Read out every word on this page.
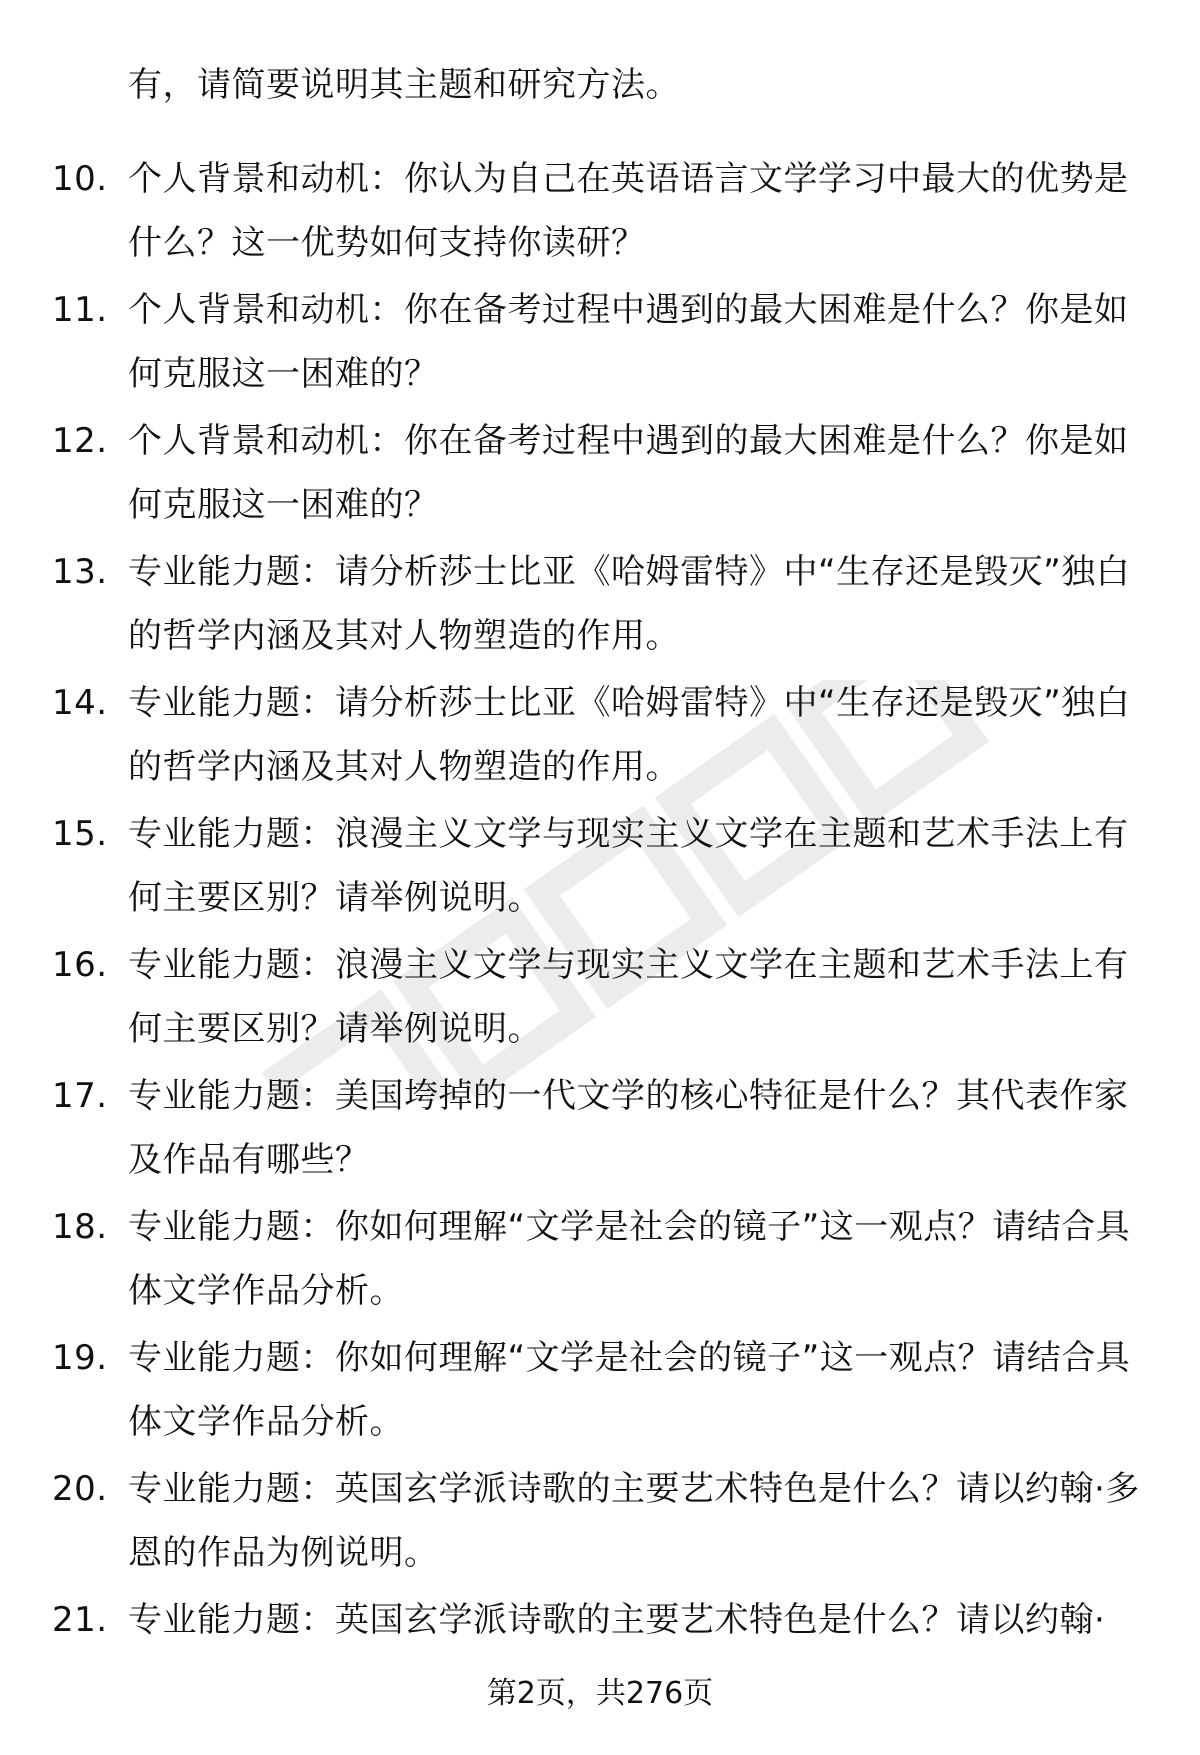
有，请简要说明其主题和研究方法。
10. 个人背景和动机：你认为自己在英语语言文学学习中最大的优势是什么？这一优势如何支持你读研？
11. 个人背景和动机：你在备考过程中遇到的最大困难是什么？你是如何克服这一困难的？
12. 个人背景和动机：你在备考过程中遇到的最大困难是什么？你是如何克服这一困难的？
13. 专业能力题：请分析莎士比亚《哈姆雷特》中“生存还是毁灭”独白的哲学内涵及其对人物塑造的作用。
14. 专业能力题：请分析莎士比亚《哈姆雷特》中“生存还是毁灭”独白的哲学内涵及其对人物塑造的作用。
15. 专业能力题：浪漫主义文学与现实主义文学在主题和艺术手法上有何主要区别？请举例说明。
16. 专业能力题：浪漫主义文学与现实主义文学在主题和艺术手法上有何主要区别？请举例说明。
17. 专业能力题：美国垮掉的一代文学的核心特征是什么？其代表作家及作品有哪些？
18. 专业能力题：你如何理解“文学是社会的镜子”这一观点？请结合具体文学作品分析。
19. 专业能力题：你如何理解“文学是社会的镜子”这一观点？请结合具体文学作品分析。
20. 专业能力题：英国玄学派诗歌的主要艺术特色是什么？请以约翰·多恩的作品为例说明。
21. 专业能力题：英国玄学派诗歌的主要艺术特色是什么？请以约翰·
第2页，共276页
